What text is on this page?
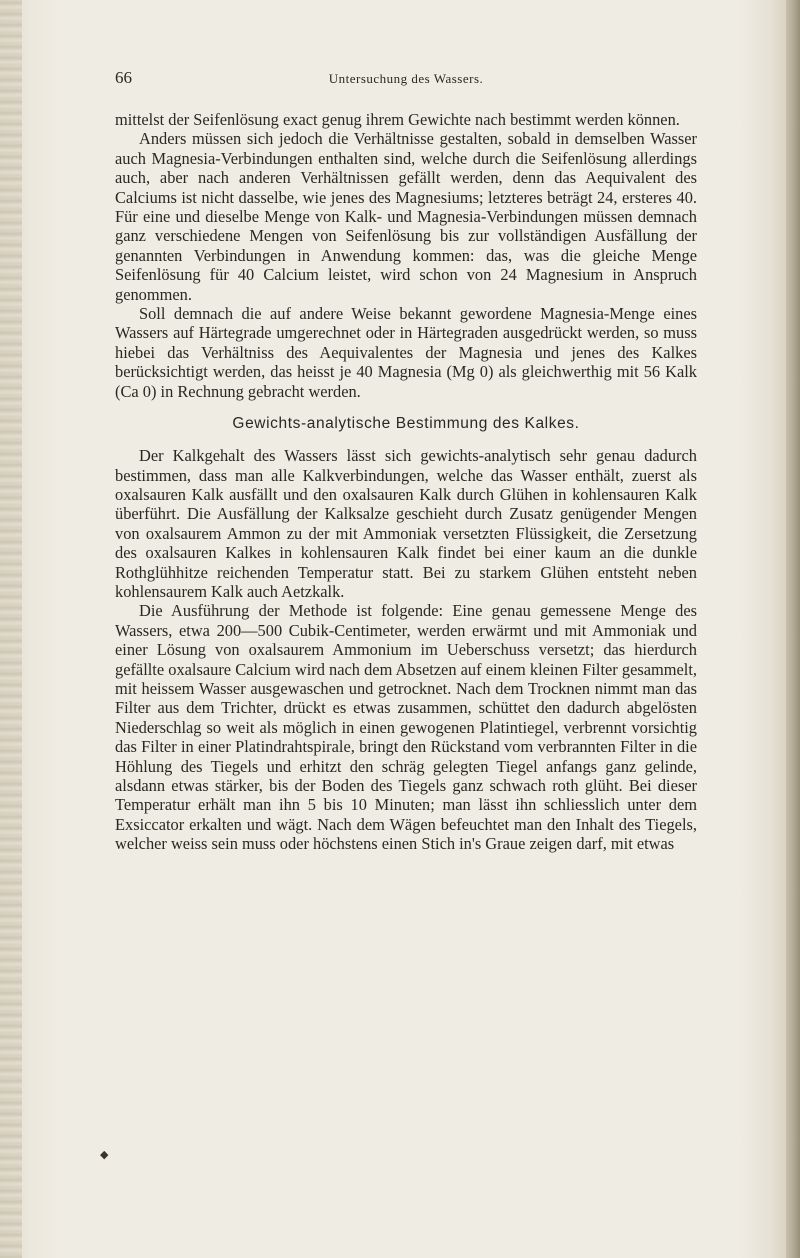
66	Untersuchung des Wassers.

mittelst der Seifenlösung exact genug ihrem Gewichte nach bestimmt werden können.

Anders müssen sich jedoch die Verhältnisse gestalten, sobald in demselben Wasser auch Magnesia-Verbindungen enthalten sind, welche durch die Seifenlösung allerdings auch, aber nach anderen Verhältnissen gefällt werden, denn das Aequivalent des Calciums ist nicht dasselbe, wie jenes des Magnesiums; letzteres beträgt 24, ersteres 40. Für eine und dieselbe Menge von Kalk- und Magnesia-Verbindungen müssen demnach ganz verschiedene Mengen von Seifenlösung bis zur vollständigen Ausfällung der genannten Verbindungen in Anwendung kommen: das, was die gleiche Menge Seifenlösung für 40 Calcium leistet, wird schon von 24 Magnesium in Anspruch genommen.

Soll demnach die auf andere Weise bekannt gewordene Magnesia-Menge eines Wassers auf Härtegrade umgerechnet oder in Härtegraden ausgedrückt werden, so muss hiebei das Verhältniss des Aequivalentes der Magnesia und jenes des Kalkes berücksichtigt werden, das heisst je 40 Magnesia (Mg 0) als gleichwerthig mit 56 Kalk (Ca 0) in Rechnung gebracht werden.

Gewichts-analytische Bestimmung des Kalkes.

Der Kalkgehalt des Wassers lässt sich gewichts-analytisch sehr genau dadurch bestimmen, dass man alle Kalkverbindungen, welche das Wasser enthält, zuerst als oxalsauren Kalk ausfällt und den oxalsauren Kalk durch Glühen in kohlensauren Kalk überführt. Die Ausfällung der Kalksalze geschieht durch Zusatz genügender Mengen von oxalsaurem Ammon zu der mit Ammoniak versetzten Flüssigkeit, die Zersetzung des oxalsauren Kalkes in kohlensauren Kalk findet bei einer kaum an die dunkle Rothglühhitze reichenden Temperatur statt. Bei zu starkem Glühen entsteht neben kohlensaurem Kalk auch Aetzkalk.

Die Ausführung der Methode ist folgende: Eine genau gemessene Menge des Wassers, etwa 200—500 Cubik-Centimeter, werden erwärmt und mit Ammoniak und einer Lösung von oxalsaurem Ammonium im Ueberschuss versetzt; das hierdurch gefällte oxalsaure Calcium wird nach dem Absetzen auf einem kleinen Filter gesammelt, mit heissem Wasser ausgewaschen und getrocknet. Nach dem Trocknen nimmt man das Filter aus dem Trichter, drückt es etwas zusammen, schüttet den dadurch abgelösten Niederschlag so weit als möglich in einen gewogenen Platintiegel, verbrennt vorsichtig das Filter in einer Platindrahtspirale, bringt den Rückstand vom verbrannten Filter in die Höhlung des Tiegels und erhitzt den schräg gelegten Tiegel anfangs ganz gelinde, alsdann etwas stärker, bis der Boden des Tiegels ganz schwach roth glüht. Bei dieser Temperatur erhält man ihn 5 bis 10 Minuten; man lässt ihn schliesslich unter dem Exsiccator erkalten und wägt. Nach dem Wägen befeuchtet man den Inhalt des Tiegels, welcher weiss sein muss oder höchstens einen Stich in's Graue zeigen darf, mit etwas

◆
